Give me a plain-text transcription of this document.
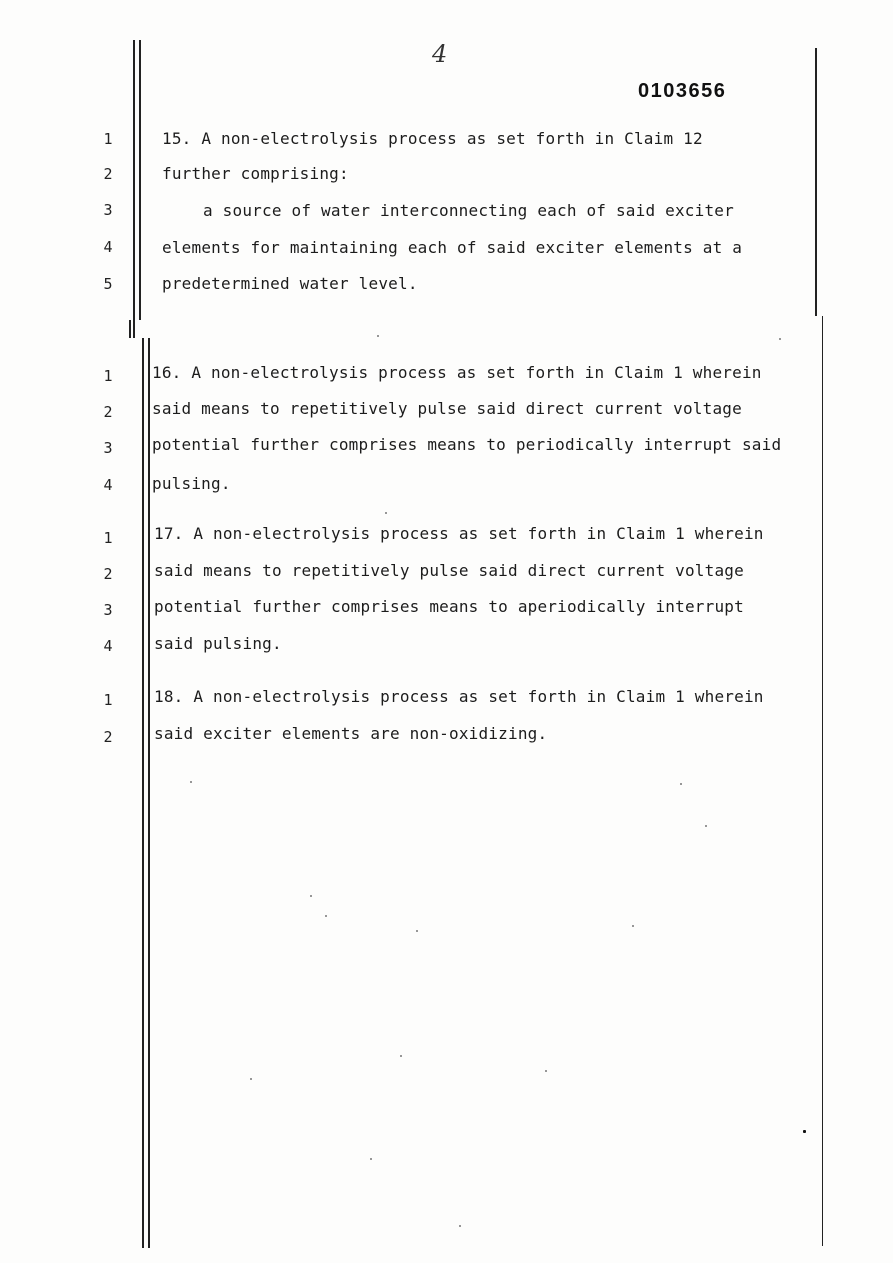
4
0103656
1
2
3
4
5
15. A non-electrolysis process as set forth in Claim 12
further comprising:
a source of water interconnecting each of said exciter
elements for maintaining each of said exciter elements at a
predetermined water level.
1
2
3
4
16. A non-electrolysis process as set forth in Claim 1 wherein
said means to repetitively pulse said direct current voltage
potential further comprises means to periodically interrupt said
pulsing.
1
2
3
4
17. A non-electrolysis process as set forth in Claim 1 wherein
said means to repetitively pulse said direct current voltage
potential further comprises means to aperiodically interrupt
said pulsing.
1
2
18. A non-electrolysis process as set forth in Claim 1 wherein
said exciter elements are non-oxidizing.
